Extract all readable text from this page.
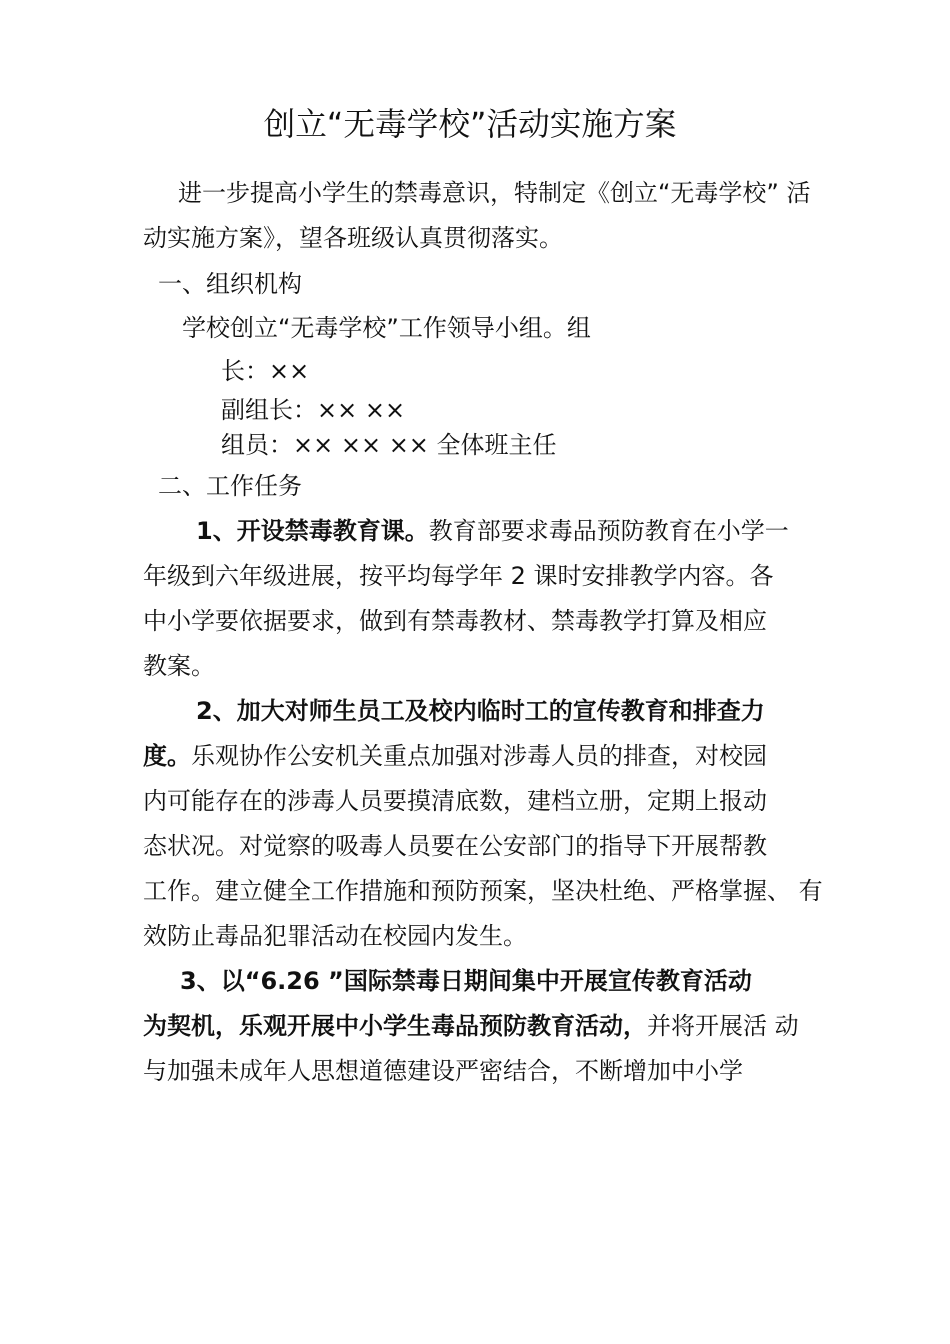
创立“无毒学校”活动实施方案
进一步提高小学生的禁毒意识，特制定《创立“无毒学校” 活
动实施方案》，望各班级认真贯彻落实。
一、组织机构
学校创立“无毒学校”工作领导小组。组
长：××
副组长：×× ××
组员：×× ×× ×× 全体班主任
二、工作任务
1、开设禁毒教育课。教育部要求毒品预防教育在小学一
年级到六年级进展，按平均每学年 2 课时安排教学内容。各
中小学要依据要求，做到有禁毒教材、禁毒教学打算及相应
教案。
2、加大对师生员工及校内临时工的宣传教育和排查力
度。乐观协作公安机关重点加强对涉毒人员的排查，对校园
内可能存在的涉毒人员要摸清底数，建档立册，定期上报动
态状况。对觉察的吸毒人员要在公安部门的指导下开展帮教
工作。建立健全工作措施和预防预案，坚决杜绝、严格掌握、 有
效防止毒品犯罪活动在校园内发生。
3、以“6.26 ”国际禁毒日期间集中开展宣传教育活动
为契机，乐观开展中小学生毒品预防教育活动，并将开展活 动
与加强未成年人思想道德建设严密结合，不断增加中小学
